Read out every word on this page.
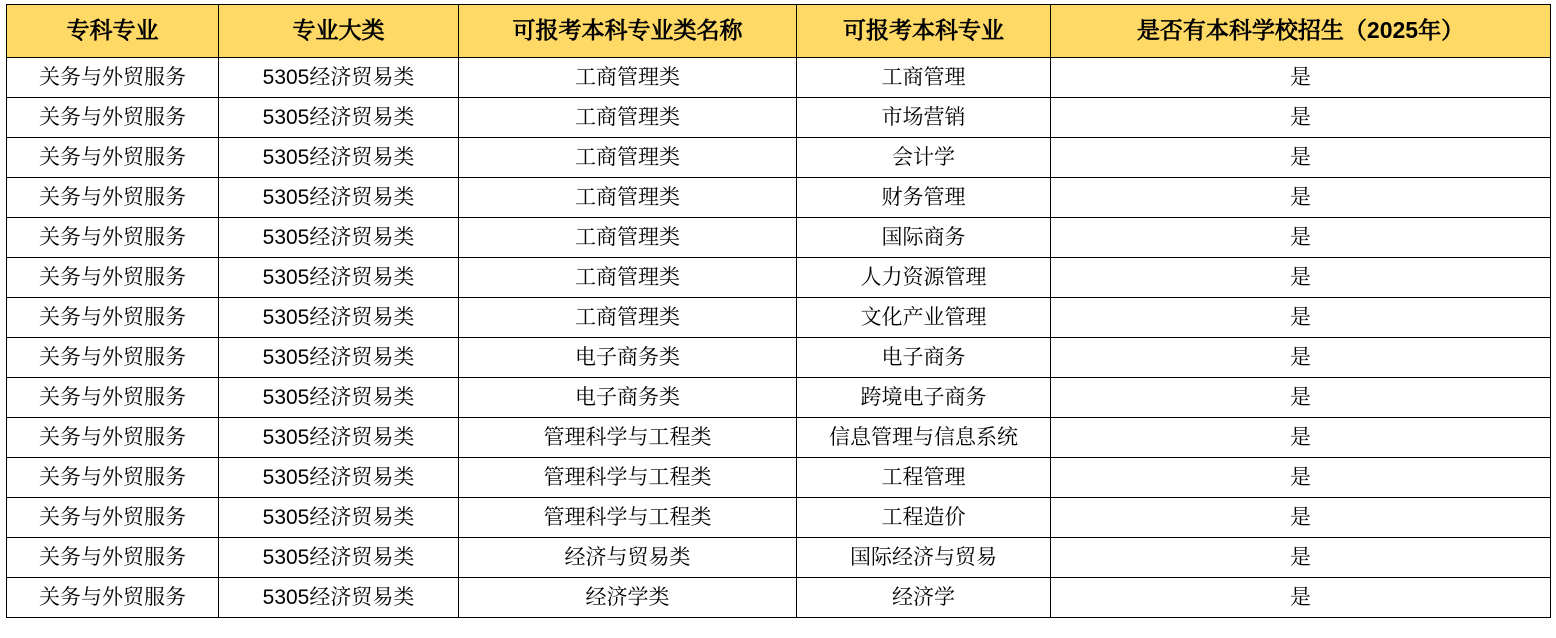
专科专业	专业大类	可报考本科专业类名称	可报考本科专业	是否有本科学校招生（2025年）
关务与外贸服务	5305经济贸易类	工商管理类	工商管理	是
关务与外贸服务	5305经济贸易类	工商管理类	市场营销	是
关务与外贸服务	5305经济贸易类	工商管理类	会计学	是
关务与外贸服务	5305经济贸易类	工商管理类	财务管理	是
关务与外贸服务	5305经济贸易类	工商管理类	国际商务	是
关务与外贸服务	5305经济贸易类	工商管理类	人力资源管理	是
关务与外贸服务	5305经济贸易类	工商管理类	文化产业管理	是
关务与外贸服务	5305经济贸易类	电子商务类	电子商务	是
关务与外贸服务	5305经济贸易类	电子商务类	跨境电子商务	是
关务与外贸服务	5305经济贸易类	管理科学与工程类	信息管理与信息系统	是
关务与外贸服务	5305经济贸易类	管理科学与工程类	工程管理	是
关务与外贸服务	5305经济贸易类	管理科学与工程类	工程造价	是
关务与外贸服务	5305经济贸易类	经济与贸易类	国际经济与贸易	是
关务与外贸服务	5305经济贸易类	经济学类	经济学	是
